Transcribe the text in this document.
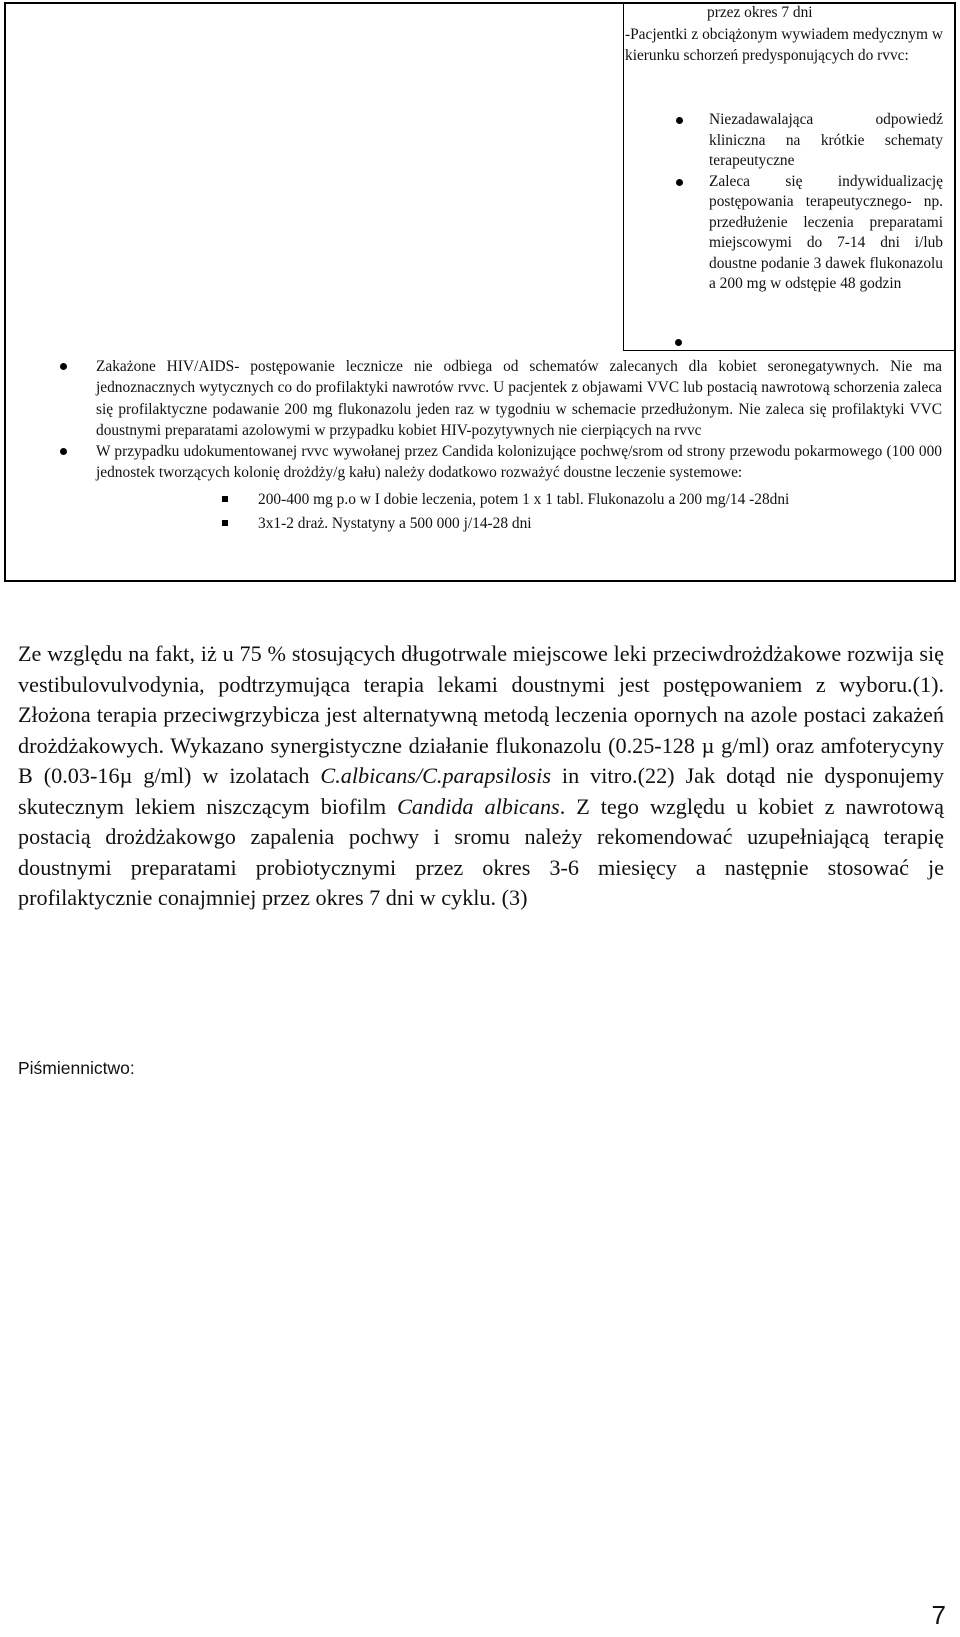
przez okres 7 dni

-Pacjentki z obciążonym wywiadem medycznym w kierunku schorzeń predysponujących do rvvc:

Niezadawalająca odpowiedź kliniczna na krótkie schematy terapeutyczne
Zaleca się indywidualizację postępowania terapeutycznego- np. przedłużenie leczenia preparatami miejscowymi do 7-14 dni i/lub doustne podanie 3 dawek flukonazolu a 200 mg w odstępie 48 godzin
Zakażone HIV/AIDS- postępowanie lecznicze nie odbiega od schematów zalecanych dla kobiet seronegatywnych. Nie ma jednoznacznych wytycznych co do profilaktyki nawrotów rvvc. U pacjentek z objawami VVC lub postacią nawrotową schorzenia zaleca się profilaktyczne podawanie 200 mg flukonazolu jeden raz w tygodniu w schemacie przedłużonym. Nie zaleca się profilaktyki VVC doustnymi preparatami azolowymi w przypadku kobiet HIV-pozytywnych nie cierpiących na rvvc
W przypadku udokumentowanej rvvc wywołanej przez Candida kolonizujące pochwę/srom od strony przewodu pokarmowego (100 000 jednostek tworzących kolonię drożdży/g kału) należy dodatkowo rozważyć doustne leczenie systemowe:
200-400 mg p.o w I dobie leczenia, potem 1 x 1 tabl. Flukonazolu a 200 mg/14 -28dni
3x1-2 draż. Nystatyny a 500 000 j/14-28 dni
Ze względu na fakt, iż u 75 % stosujących długotrwale miejscowe leki przeciwdrożdżakowe rozwija się vestibulovulvodynia, podtrzymująca terapia lekami doustnymi jest postępowaniem z wyboru.(1). Złożona terapia przeciwgrzybicza jest alternatywną metodą leczenia opornych na azole postaci zakażeń drożdżakowych. Wykazano synergistyczne działanie flukonazolu (0.25-128 µ g/ml) oraz amfoterycyny B (0.03-16µ g/ml) w izolatach C.albicans/C.parapsilosis in vitro.(22) Jak dotąd nie dysponujemy skutecznym lekiem niszczącym biofilm Candida albicans. Z tego względu u kobiet z nawrotową postacią drożdżakowgo zapalenia pochwy i sromu należy rekomendować uzupełniającą terapię doustnymi preparatami probiotycznymi przez okres 3-6 miesięcy a następnie stosować je profilaktycznie conajmniej przez okres 7 dni w cyklu. (3)
Piśmiennictwo:
7
